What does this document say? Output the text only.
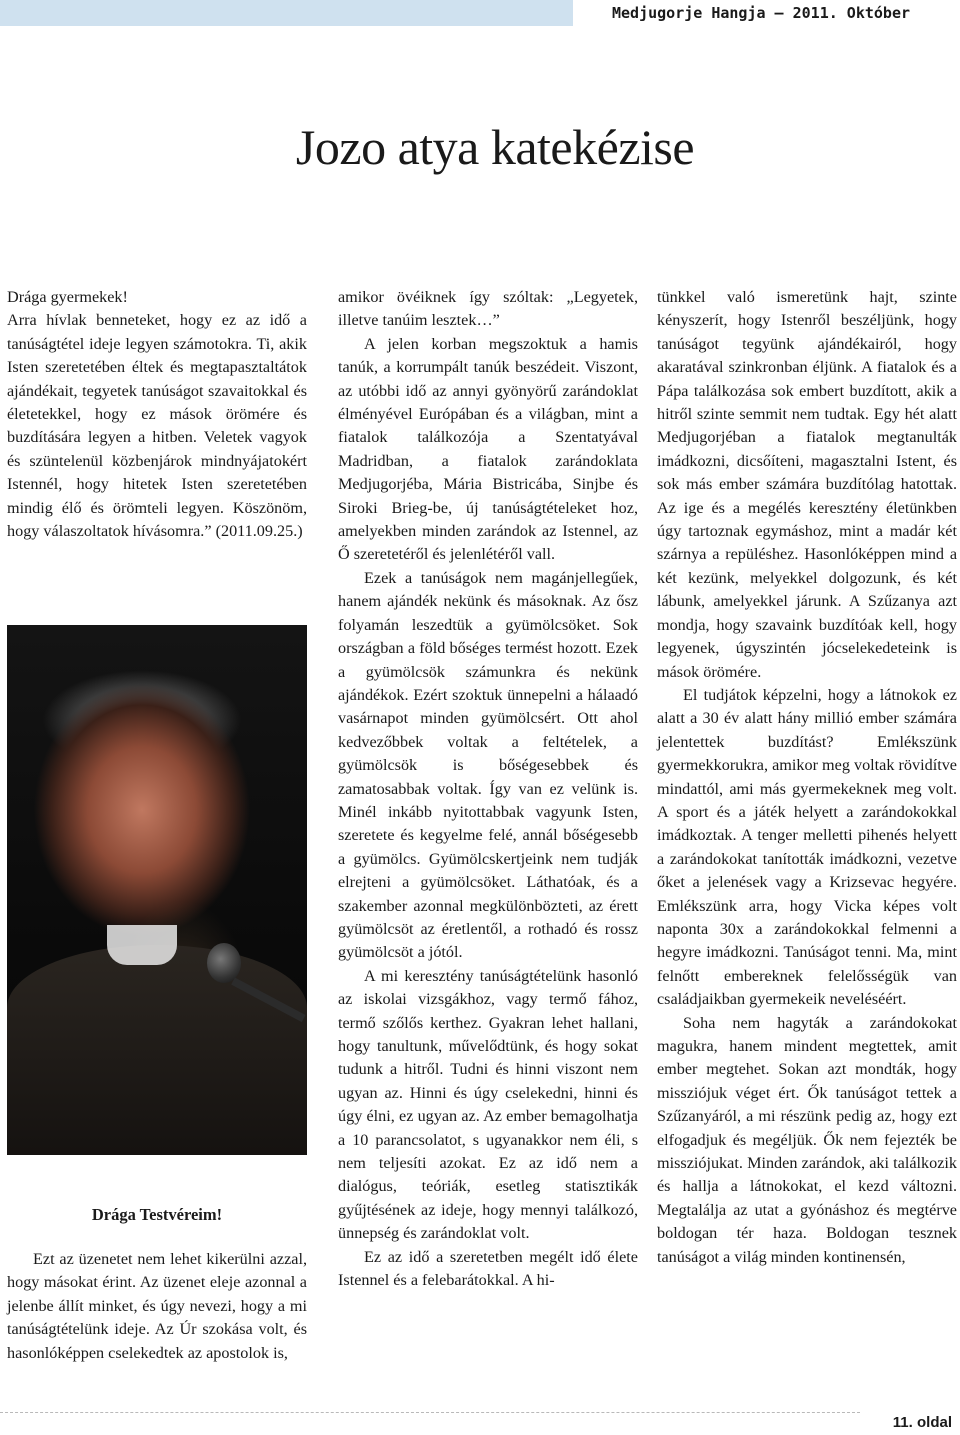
Medjugorje Hangja – 2011. Október
Jozo atya katekézise

Drága gyermekek!

Arra hívlak benneteket, hogy ez az idő a tanúságtétel ideje legyen számotokra. Ti, akik Isten szeretetében éltek és megtapasztaltátok ajándékait, tegyetek tanúságot szavaitokkal és életetekkel, hogy ez mások örömére és buzdítására legyen a hitben. Veletek vagyok és szüntelenül közbenjárok mindnyájatokért Istennél, hogy hitetek Isten szeretetében mindig élő és örömteli legyen. Köszönöm, hogy válaszoltatok hívásomra.” (2011.09.25.)

Drága Testvéreim!

Ezt az üzenetet nem lehet kikerülni azzal, hogy másokat érint. Az üzenet eleje azonnal a jelenbe állít minket, és úgy nevezi, hogy a mi tanúságtételünk ideje. Az Úr szokása volt, és hasonlóképpen cselekedtek az apostolok is,

amikor övéiknek így szóltak: „Legyetek, illetve tanúim lesztek…”

A jelen korban megszoktuk a hamis tanúk, a korrumpált tanúk beszédeit. Viszont, az utóbbi idő az annyi gyönyörű zarándoklat élményével Európában és a világban, mint a fiatalok találkozója a Szentatyával Madridban, a fiatalok zarándoklata Medjugorjéba, Mária Bistricába, Sinjbe és Siroki Brieg-be, új tanúságtételeket hoz, amelyekben minden zarándok az Istennel, az Ő szeretetéről és jelenlétéről vall.

Ezek a tanúságok nem magánjellegűek, hanem ajándék nekünk és másoknak. Az ősz folyamán leszedtük a gyümölcsöket. Sok országban a föld bőséges termést hozott. Ezek a gyümölcsök számunkra és nekünk ajándékok. Ezért szoktuk ünnepelni a hálaadó vasárnapot minden gyümölcsért. Ott ahol kedvezőbbek voltak a feltételek, a gyümölcsök is bőségesebbek és zamatosabbak voltak. Így van ez velünk is. Minél inkább nyitottabbak vagyunk Isten, szeretete és kegyelme felé, annál bőségesebb a gyümölcs. Gyümölcskertjeink nem tudják elrejteni a gyümölcsöket. Láthatóak, és a szakember azonnal megkülönbözteti, az érett gyümölcsöt az éretlentől, a rothadó és rossz gyümölcsöt a jótól.

A mi keresztény tanúságtételünk hasonló az iskolai vizsgákhoz, vagy termő fához, termő szőlős kerthez. Gyakran lehet hallani, hogy tanultunk, művelődtünk, és hogy sokat tudunk a hitről. Tudni és hinni viszont nem ugyan az. Hinni és úgy cselekedni, hinni és úgy élni, ez ugyan az. Az ember bemagolhatja a 10 parancsolatot, s ugyanakkor nem éli, s nem teljesíti azokat. Ez az idő nem a dialógus, teóriák, esetleg statisztikák gyűjtésének az ideje, hogy mennyi találkozó, ünnepség és zarándoklat volt.

Ez az idő a szeretetben megélt idő élete Istennel és a felebarátokkal. A hi-

tünkkel való ismeretünk hajt, szinte kényszerít, hogy Istenről beszéljünk, hogy tanúságot tegyünk ajándékairól, hogy akaratával szinkronban éljünk. A fiatalok és a Pápa találkozása sok embert buzdított, akik a hitről szinte semmit nem tudtak. Egy hét alatt Medjugorjéban a fiatalok megtanulták imádkozni, dicsőíteni, magasztalni Istent, és sok más ember számára buzdítólag hatottak. Az ige és a megélés keresztény életünkben úgy tartoznak egymáshoz, mint a madár két szárnya a repüléshez. Hasonlóképpen mind a két kezünk, melyekkel dolgozunk, és két lábunk, amelyekkel járunk. A Szűzanya azt mondja, hogy szavaink buzdítóak kell, hogy legyenek, úgyszintén jócselekedeteink is mások örömére.

El tudjátok képzelni, hogy a látnokok ez alatt a 30 év alatt hány millió ember számára jelentettek buzdítást? Emlékszünk gyermekkorukra, amikor meg voltak rövidítve mindattól, ami más gyermekeknek meg volt. A sport és a játék helyett a zarándokokkal imádkoztak. A tenger melletti pihenés helyett a zarándokokat tanították imádkozni, vezetve őket a jelenések vagy a Krizsevac hegyére. Emlékszünk arra, hogy Vicka képes volt naponta 30x a zarándokokkal felmenni a hegyre imádkozni. Tanúságot tenni. Ma, mint felnőtt embereknek felelősségük van családjaikban gyermekeik neveléséért.

Soha nem hagyták a zarándokokat magukra, hanem mindent megtettek, amit ember megtehet. Sokan azt mondták, hogy missziójuk véget ért. Ők tanúságot tettek a Szűzanyáról, a mi részünk pedig az, hogy ezt elfogadjuk és megéljük. Ők nem fejezték be missziójukat. Minden zarándok, aki találkozik és hallja a látnokokat, el kezd változni. Megtalálja az utat a gyónáshoz és megtérve boldogan tér haza. Boldogan tesznek tanúságot a világ minden kontinensén,

11. oldal
